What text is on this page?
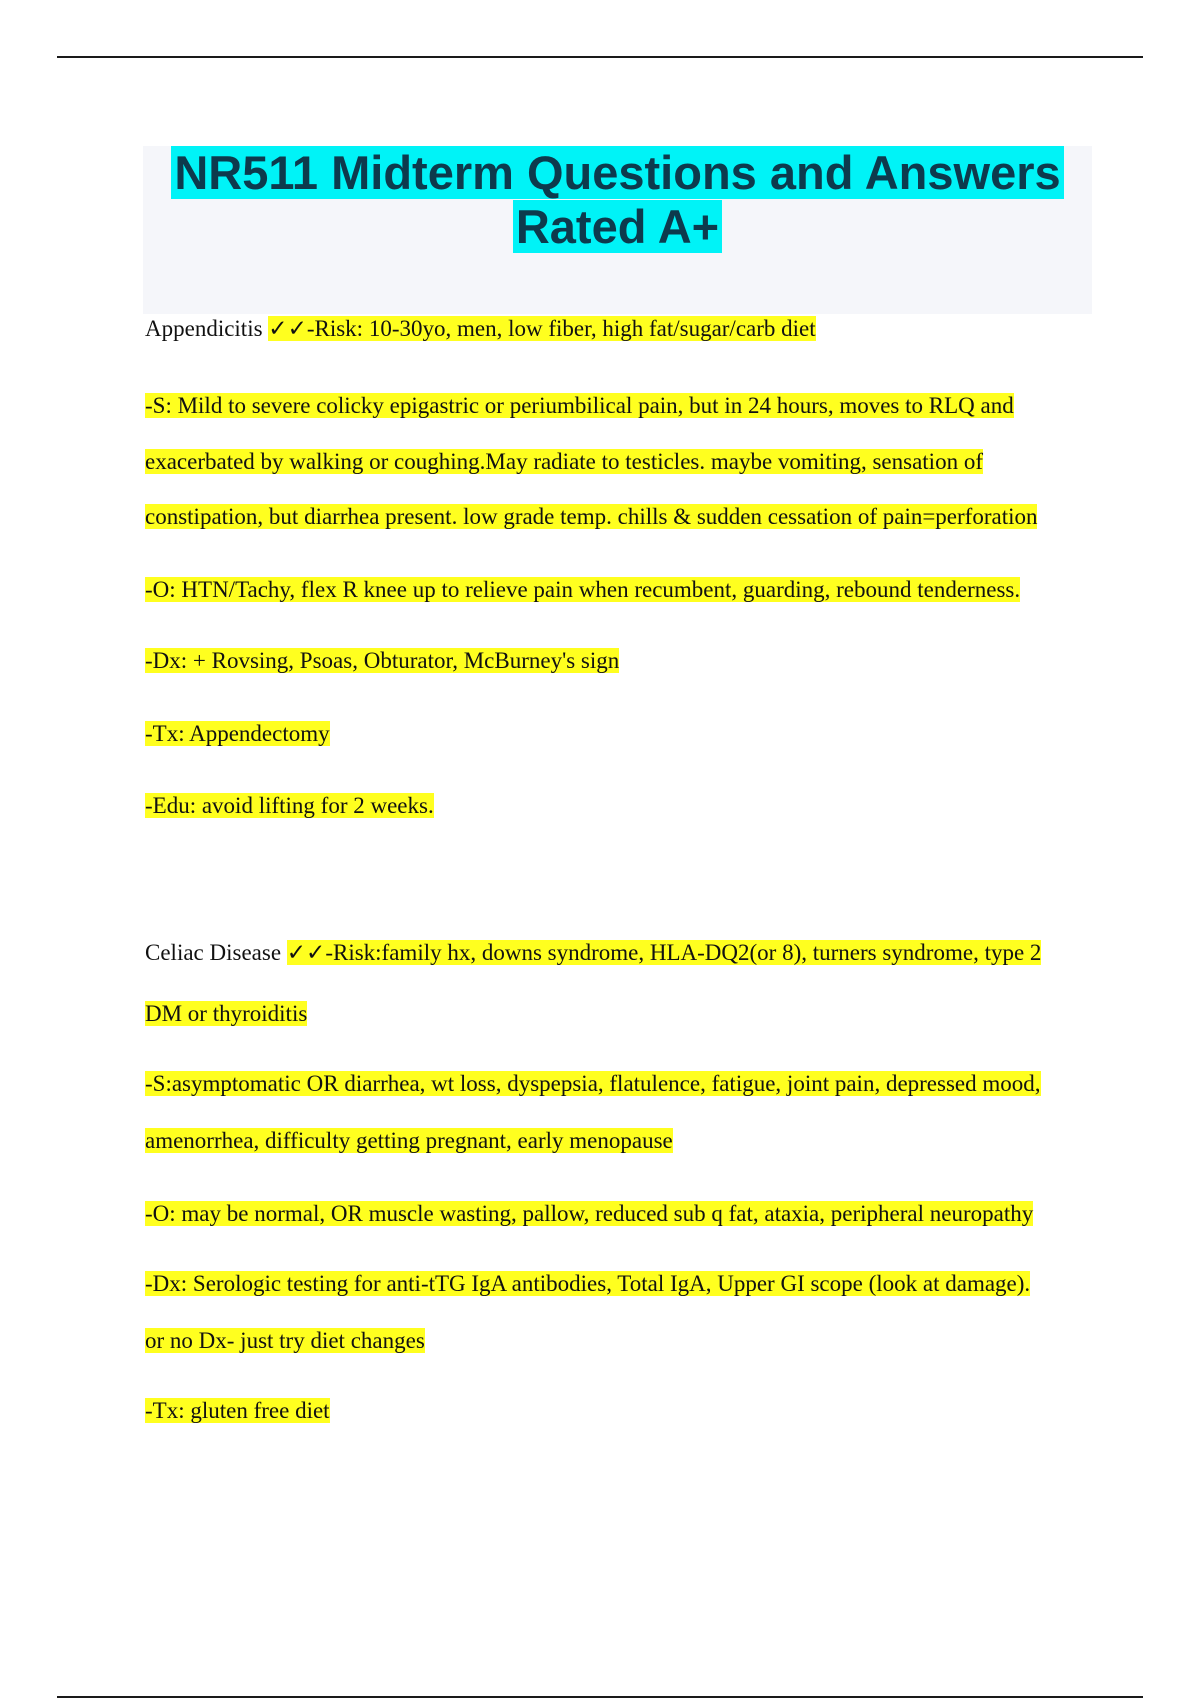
NR511 Midterm Questions and Answers
Rated A+
Appendicitis ✓✓-Risk: 10-30yo, men, low fiber, high fat/sugar/carb diet
-S: Mild to severe colicky epigastric or periumbilical pain, but in 24 hours, moves to RLQ and
exacerbated by walking or coughing.May radiate to testicles. maybe vomiting, sensation of
constipation, but diarrhea present. low grade temp. chills & sudden cessation of pain=perforation
-O: HTN/Tachy, flex R knee up to relieve pain when recumbent, guarding, rebound tenderness.
-Dx: + Rovsing, Psoas, Obturator, McBurney's sign
-Tx: Appendectomy
-Edu: avoid lifting for 2 weeks.
Celiac Disease ✓✓-Risk:family hx, downs syndrome, HLA-DQ2(or 8), turners syndrome, type 2
DM or thyroiditis
-S:asymptomatic OR diarrhea, wt loss, dyspepsia, flatulence, fatigue, joint pain, depressed mood,
amenorrhea, difficulty getting pregnant, early menopause
-O: may be normal, OR muscle wasting, pallow, reduced sub q fat, ataxia, peripheral neuropathy
-Dx: Serologic testing for anti-tTG IgA antibodies, Total IgA, Upper GI scope (look at damage).
or no Dx- just try diet changes
-Tx: gluten free diet
